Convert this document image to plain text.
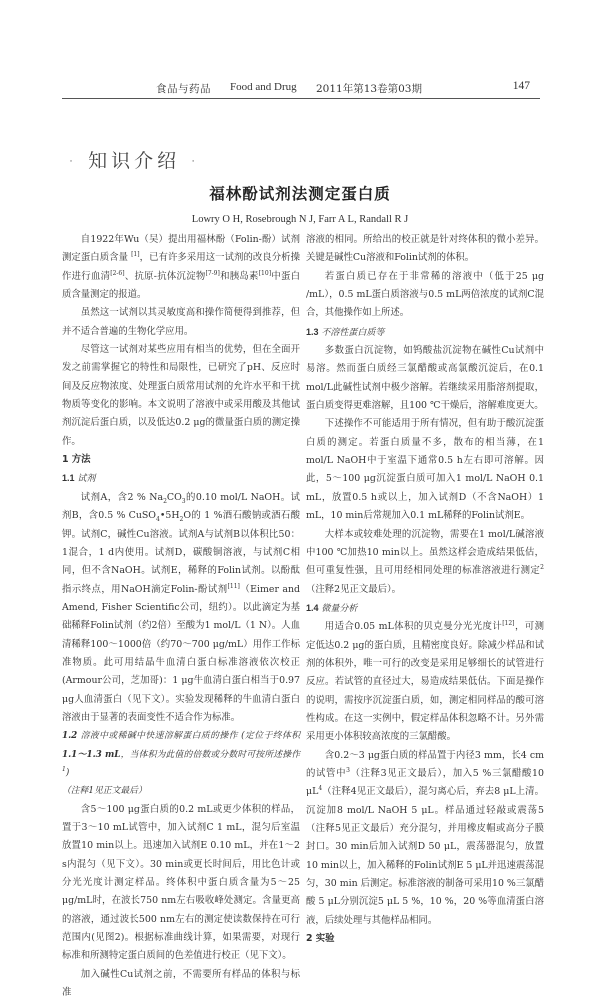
食品与药品 Food and Drug 2011年第13卷第03期	147
· 知识介绍 ·
福林酚试剂法测定蛋白质
Lowry O H, Rosebrough N J, Farr A L, Randall R J

自1922年Wu（吴）提出用福林酚（Folin-酚）试剂测定蛋白质含量 [1]，已有许多采用这一试剂的改良分析操作进行血清[2-6]、抗原-抗体沉淀物[7-9]和胰岛素[10]中蛋白质含量测定的报道。

虽然这一试剂以其灵敏度高和操作简便得到推荐，但并不适合普遍的生物化学应用。

尽管这一试剂对某些应用有相当的优势，但在全面开发之前需掌握它的特性和局限性，已研究了pH、反应时间及反应物浓度、处理蛋白质常用试剂的允许水平和干扰物质等变化的影响。本文说明了溶液中或采用酸及其他试剂沉淀后蛋白质，以及低达0.2 μg的微量蛋白质的测定操作。

1 方法

1.1 试剂

试剂A，含2 % $Na_2CO_3$的0.10 mol/L NaOH。试剂B，含0.5 % $CuSO_4•5H_2O$的 1 %酒石酸钠或酒石酸钾。试剂C，碱性Cu溶液。试剂A与试剂B以体积比50：1混合，1 d内使用。试剂D，碳酸铜溶液，与试剂C相同，但不含NaOH。试剂E，稀释的Folin试剂。以酚酞指示终点，用NaOH滴定Folin-酚试剂[11]（Eimer and Amend, Fisher Scientific公司，纽约）。以此滴定为基础稀释Folin试剂（约2倍）至酸为1 mol/L（1 N）。人血清稀释100～1000倍（约70～700 μg/mL）用作工作标准物质。此可用结晶牛血清白蛋白标准溶液依次校正(Armour公司，芝加哥)：1 μg牛血清白蛋白相当于0.97 μg人血清蛋白（见下文）。实验发现稀释的牛血清白蛋白溶液由于显著的表面变性不适合作为标准。

1.2 溶液中或稀碱中快速溶解蛋白质的操作 (定位于终体积 1.1～1.3 mL，当体积为此值的倍数或分数时可按所述操作$^1$)
（注释1见正文最后）

含5～100 μg蛋白质的0.2 mL或更少体积的样品，置于3～10 mL试管中，加入试剂C 1 mL，混匀后室温放置10 min以上。迅速加入试剂E 0.10 mL，并在1～2 s内混匀（见下文）。30 min或更长时间后，用比色计或分光光度计测定样品。终体积中蛋白质含量为5～25 μg/mL时，在波长750 nm左右吸收峰处测定。含量更高的溶液，通过波长500 nm左右的测定使读数保持在可行范围内(见图2)。根据标准曲线计算，如果需要，对现行标准和所测特定蛋白质间的色差值进行校正（见下文）。

加入碱性Cu试剂之前，不需要所有样品的体积与标准

溶液的相同。所给出的校正就是针对终体积的微小差异。关键是碱性Cu溶液和Folin试剂的体积。

若蛋白质已存在于非常稀的溶液中（低于25 μg /mL），0.5 mL蛋白质溶液与0.5 mL两倍浓度的试剂C混合，其他操作如上所述。

1.3 不溶性蛋白质等

多数蛋白沉淀物，如钨酸盐沉淀物在碱性Cu试剂中易溶。然而蛋白质经三氯醋酸或高氯酸沉淀后，在0.1 mol/L此碱性试剂中极少溶解。若继续采用脂溶剂提取，蛋白质变得更难溶解，且100 ℃干燥后，溶解难度更大。

下述操作不可能适用于所有情况，但有助于酸沉淀蛋白质的测定。若蛋白质量不多，散布的相当薄，在1 mol/L NaOH中于室温下通常0.5 h左右即可溶解。因此，5～100 μg沉淀蛋白质可加入1 mol/L NaOH 0.1 mL，放置0.5 h或以上，加入试剂D（不含NaOH）1 mL，10 min后常规加入0.1 mL稀释的Folin试剂E。

大样本或较难处理的沉淀物，需要在1 mol/L碱溶液中100 ℃加热10 min以上。虽然这样会造成结果低估，但可重复性强，且可用经相同处理的标准溶液进行测定$^2$（注释2见正文最后）。

1.4 微量分析

用适合0.05 mL体积的贝克曼分光光度计[12]，可测定低达0.2 μg的蛋白质，且精密度良好。除减少样品和试剂的体积外，唯一可行的改变是采用足够细长的试管进行反应。若试管的直径过大，易造成结果低估。下面是操作的说明，需按序沉淀蛋白质，如，测定相同样品的酸可溶性构成。在这一实例中，假定样品体积忽略不计。另外需采用更小体积较高浓度的三氯醋酸。

含0.2～3 μg蛋白质的样品置于内径3 mm，长4 cm的试管中$^3$（注释3见正文最后），加入5 %三氯醋酸10 $\mu L^4$（注释4见正文最后），混匀离心后，弃去8 μL上清。沉淀加8 mol/L NaOH 5 μL。样品通过轻敲或震荡5（注释5见正文最后）充分混匀，并用橡皮帽或高分子膜封口。30 min后加入试剂D 50 μL，震荡器混匀，放置10 min以上，加入稀释的Folin试剂E 5 μL并迅速震荡混匀，30 min 后测定。标准溶液的制备可采用10 %三氯醋酸 5 μL分别沉淀5 μL 5 %，10 %，20 %等血清蛋白溶液，后续处理与其他样品相同。

2 实验
